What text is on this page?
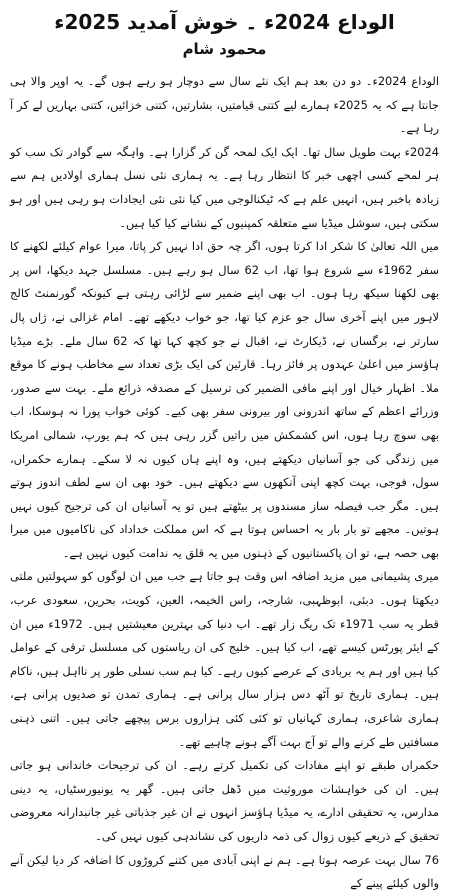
الوداع 2024ء ۔ خوش آمدید 2025ء
محمود شام

الوداع 2024ء۔ دو دن بعد ہم ایک نئے سال سے دوچار ہو رہے ہوں گے۔ یہ اوپر والا ہی جانتا ہے کہ یہ 2025ء ہمارے لیے کتنی قیامتیں، بشارتیں، کتنی خزائیں، کتنی بہاریں لے کر آ رہا ہے۔

2024ء بہت طویل سال تھا۔ ایک ایک لمحہ گن کر گزارا ہے۔ واہگہ سے گوادر تک سب کو ہر لمحے کسی اچھی خبر کا انتظار رہا ہے۔ یہ ہماری نئی نسل ہماری اولادیں ہم سے زیادہ باخبر ہیں، انہیں علم ہے کہ ٹیکنالوجی میں کیا نئی نئی ایجادات ہو رہی ہیں اور ہو سکتی ہیں، سوشل میڈیا سے متعلقہ کمپنیوں کے نشانے کیا کیا ہیں۔

میں اللہ تعالیٰ کا شکر ادا کرتا ہوں، اگر چہ حق ادا نہیں کر پاتا، میرا عوام کیلئے لکھنے کا سفر 1962ء سے شروع ہوا تھا، اب 62 سال ہو رہے ہیں۔ مسلسل جہد دیکھا، اس پر بھی لکھنا سیکھ رہا ہوں۔ اب بھی اپنے ضمیر سے لڑائی رہتی ہے کیونکہ گورنمنٹ کالج لاہور میں اپنے آخری سال جو عزم کیا تھا، جو خواب دیکھے تھے۔ امام غزالی نے، ژاں پال سارتر نے، برگساں نے، ڈیکارٹ نے، اقبال نے جو کچھ کہا تھا کہ 62 سال ملے۔ بڑے میڈیا ہاؤسز میں اعلیٰ عہدوں پر فائز رہا۔ قارئین کی ایک بڑی تعداد سے مخاطب ہونے کا موقع ملا۔ اظہار خیال اور اپنے مافی الضمیر کی ترسیل کے مصدقہ ذرائع ملے۔ بہت سے صدور، وزرائے اعظم کے ساتھ اندرونی اور بیرونی سفر بھی کیے۔ کوئی خواب پورا نہ ہوسکا، اب بھی سوچ رہا ہوں، اس کشمکش میں راتیں گزر رہی ہیں کہ ہم یورپ، شمالی امریکا میں زندگی کی جو آسانیاں دیکھتے ہیں، وہ اپنے ہاں کیوں نہ لا سکے۔ ہمارے حکمراں، سول، فوجی، بہت کچھ اپنی آنکھوں سے دیکھتے ہیں۔ خود بھی ان سے لطف اندوز ہوتے ہیں۔ مگر جب فیصلہ ساز مسندوں پر بیٹھتے ہیں تو یہ آسانیاں ان کی ترجیح کیوں نہیں ہوتیں۔ مجھے تو بار بار یہ احساس ہوتا ہے کہ اس مملکت خداداد کی ناکامیوں میں میرا بھی حصہ ہے، تو ان پاکستانیوں کے ذہنوں میں یہ قلق یہ ندامت کیوں نہیں ہے۔

میری پشیمانی میں مزید اضافہ اس وقت ہو جاتا ہے جب میں ان لوگوں کو سہولتیں ملتی دیکھتا ہوں۔ دبئی، ابوظہبی، شارجہ، راس الخیمہ، العین، کویت، بحرین، سعودی عرب، قطر یہ سب 1971ء تک ریگ زار تھے۔ اب دنیا کی بہترین معیشتیں ہیں۔ 1972ء میں ان کے ایئر پورٹس کیسے تھے، اب کیا ہیں۔ خلیج کی ان ریاستوں کی مسلسل ترقی کے عوامل کیا ہیں اور ہم یہ بربادی کے عرصے کیوں رہے۔ کیا ہم سب نسلی طور پر نااہل ہیں، ناکام ہیں۔ ہماری تاریخ تو آٹھ دس ہزار سال پرانی ہے۔ ہماری تمدن تو صدیوں پرانی ہے، ہماری شاعری، ہماری کہانیاں تو کئی کئی ہزاروں برس پیچھے جاتی ہیں۔ اتنی ذہنی مسافتیں طے کرنے والے تو آج بہت آگے ہونے چاہیے تھے۔

حکمراں طبقے تو اپنے مفادات کی تکمیل کرتے رہے۔ ان کی ترجیحات خاندانی ہو جاتی ہیں۔ ان کی خواہشات موروثیت میں ڈھل جاتی ہیں۔ گھر یہ یونیورسٹیاں، یہ دینی مدارس، یہ تحقیقی ادارے، یہ میڈیا ہاؤسز انہوں نے ان غیر جذباتی غیر جانبدارانہ معروضی تحقیق کے ذریعے کیوں زوال کی ذمہ داریوں کی نشاندہی کیوں نہیں کی۔

76 سال بہت عرصہ ہوتا ہے۔ ہم نے اپنی آبادی میں کتنے کروڑوں کا اضافہ کر دیا لیکن آنے والوں کیلئے پینے کے
